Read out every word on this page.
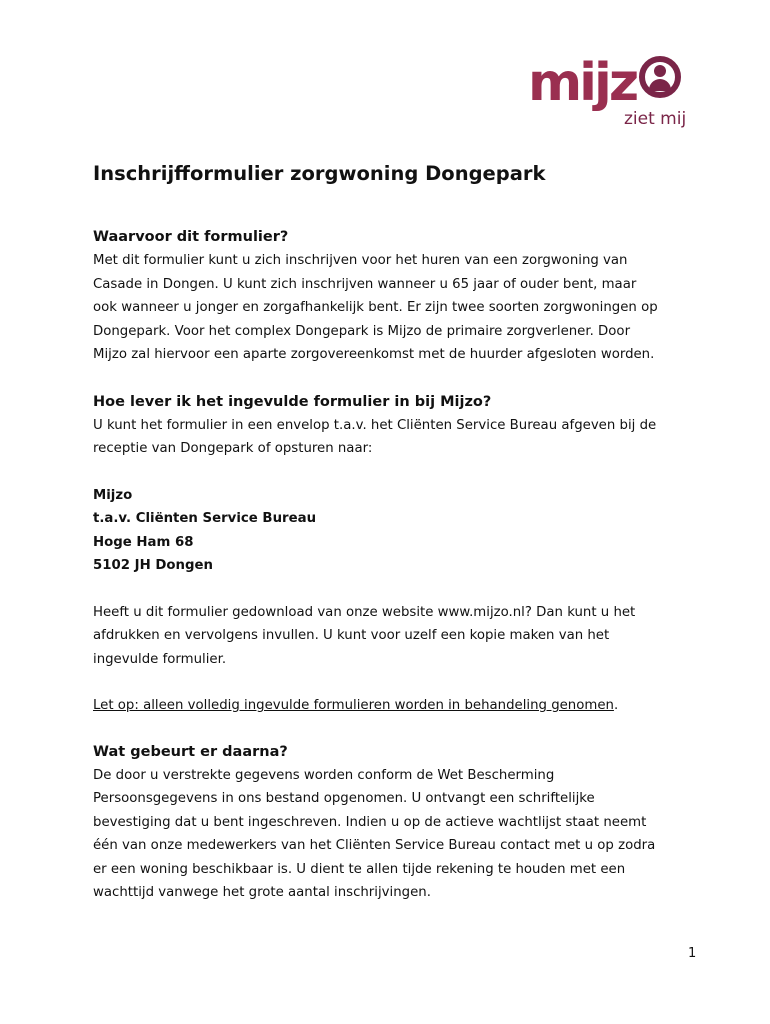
mijz
ziet mij
Inschrijfformulier zorgwoning Dongepark
Waarvoor dit formulier?

Met dit formulier kunt u zich inschrijven voor het huren van een zorgwoning van

Casade in Dongen. U kunt zich inschrijven wanneer u 65 jaar of ouder bent, maar

ook wanneer u jonger en zorgafhankelijk bent. Er zijn twee soorten zorgwoningen op

Dongepark. Voor het complex Dongepark is Mijzo de primaire zorgverlener. Door

Mijzo zal hiervoor een aparte zorgovereenkomst met de huurder afgesloten worden.

Hoe lever ik het ingevulde formulier in bij Mijzo?

U kunt het formulier in een envelop t.a.v. het Cliënten Service Bureau afgeven bij de

receptie van Dongepark of opsturen naar:

Mijzo

t.a.v. Cliënten Service Bureau

Hoge Ham 68

5102 JH Dongen

Heeft u dit formulier gedownload van onze website www.mijzo.nl? Dan kunt u het

afdrukken en vervolgens invullen. U kunt voor uzelf een kopie maken van het

ingevulde formulier.

Let op: alleen volledig ingevulde formulieren worden in behandeling genomen.

Wat gebeurt er daarna?

De door u verstrekte gegevens worden conform de Wet Bescherming

Persoonsgegevens in ons bestand opgenomen. U ontvangt een schriftelijke

bevestiging dat u bent ingeschreven. Indien u op de actieve wachtlijst staat neemt

één van onze medewerkers van het Cliënten Service Bureau contact met u op zodra

er een woning beschikbaar is. U dient te allen tijde rekening te houden met een

wachttijd vanwege het grote aantal inschrijvingen.

1
